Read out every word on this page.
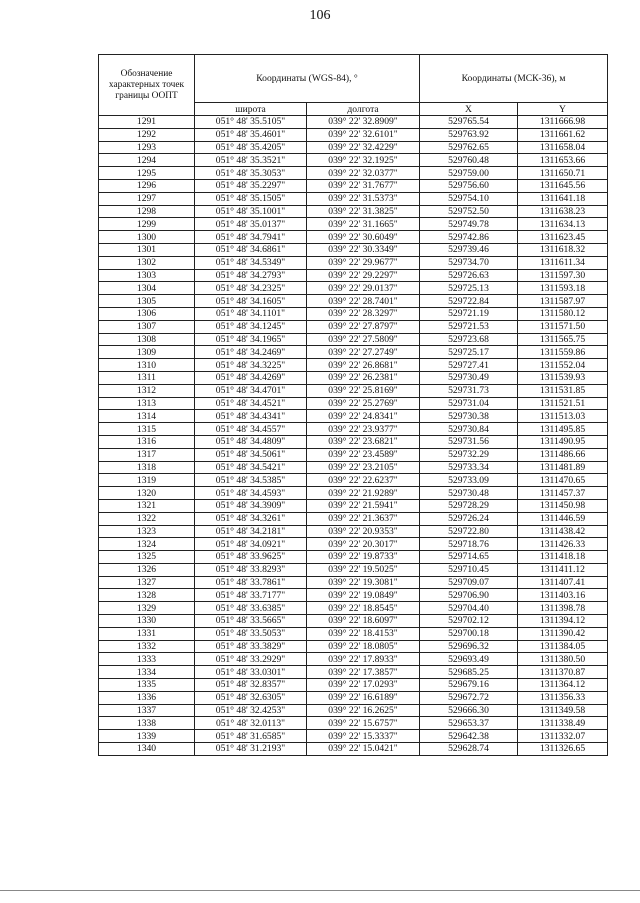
106
Обозначение характерных точек границы ООПТ	Координаты (WGS-84), °		Координаты (МСК-36), м	
	широта	долгота	X	Y
1291	051° 48' 35.5105"	039° 22' 32.8909"	529765.54	1311666.98
1292	051° 48' 35.4601"	039° 22' 32.6101"	529763.92	1311661.62
1293	051° 48' 35.4205"	039° 22' 32.4229"	529762.65	1311658.04
1294	051° 48' 35.3521"	039° 22' 32.1925"	529760.48	1311653.66
1295	051° 48' 35.3053"	039° 22' 32.0377"	529759.00	1311650.71
1296	051° 48' 35.2297"	039° 22' 31.7677"	529756.60	1311645.56
1297	051° 48' 35.1505"	039° 22' 31.5373"	529754.10	1311641.18
1298	051° 48' 35.1001"	039° 22' 31.3825"	529752.50	1311638.23
1299	051° 48' 35.0137"	039° 22' 31.1665"	529749.78	1311634.13
1300	051° 48' 34.7941"	039° 22' 30.6049"	529742.86	1311623.45
1301	051° 48' 34.6861"	039° 22' 30.3349"	529739.46	1311618.32
1302	051° 48' 34.5349"	039° 22' 29.9677"	529734.70	1311611.34
1303	051° 48' 34.2793"	039° 22' 29.2297"	529726.63	1311597.30
1304	051° 48' 34.2325"	039° 22' 29.0137"	529725.13	1311593.18
1305	051° 48' 34.1605"	039° 22' 28.7401"	529722.84	1311587.97
1306	051° 48' 34.1101"	039° 22' 28.3297"	529721.19	1311580.12
1307	051° 48' 34.1245"	039° 22' 27.8797"	529721.53	1311571.50
1308	051° 48' 34.1965"	039° 22' 27.5809"	529723.68	1311565.75
1309	051° 48' 34.2469"	039° 22' 27.2749"	529725.17	1311559.86
1310	051° 48' 34.3225"	039° 22' 26.8681"	529727.41	1311552.04
1311	051° 48' 34.4269"	039° 22' 26.2381"	529730.49	1311539.93
1312	051° 48' 34.4701"	039° 22' 25.8169"	529731.73	1311531.85
1313	051° 48' 34.4521"	039° 22' 25.2769"	529731.04	1311521.51
1314	051° 48' 34.4341"	039° 22' 24.8341"	529730.38	1311513.03
1315	051° 48' 34.4557"	039° 22' 23.9377"	529730.84	1311495.85
1316	051° 48' 34.4809"	039° 22' 23.6821"	529731.56	1311490.95
1317	051° 48' 34.5061"	039° 22' 23.4589"	529732.29	1311486.66
1318	051° 48' 34.5421"	039° 22' 23.2105"	529733.34	1311481.89
1319	051° 48' 34.5385"	039° 22' 22.6237"	529733.09	1311470.65
1320	051° 48' 34.4593"	039° 22' 21.9289"	529730.48	1311457.37
1321	051° 48' 34.3909"	039° 22' 21.5941"	529728.29	1311450.98
1322	051° 48' 34.3261"	039° 22' 21.3637"	529726.24	1311446.59
1323	051° 48' 34.2181"	039° 22' 20.9353"	529722.80	1311438.42
1324	051° 48' 34.0921"	039° 22' 20.3017"	529718.76	1311426.33
1325	051° 48' 33.9625"	039° 22' 19.8733"	529714.65	1311418.18
1326	051° 48' 33.8293"	039° 22' 19.5025"	529710.45	1311411.12
1327	051° 48' 33.7861"	039° 22' 19.3081"	529709.07	1311407.41
1328	051° 48' 33.7177"	039° 22' 19.0849"	529706.90	1311403.16
1329	051° 48' 33.6385"	039° 22' 18.8545"	529704.40	1311398.78
1330	051° 48' 33.5665"	039° 22' 18.6097"	529702.12	1311394.12
1331	051° 48' 33.5053"	039° 22' 18.4153"	529700.18	1311390.42
1332	051° 48' 33.3829"	039° 22' 18.0805"	529696.32	1311384.05
1333	051° 48' 33.2929"	039° 22' 17.8933"	529693.49	1311380.50
1334	051° 48' 33.0301"	039° 22' 17.3857"	529685.25	1311370.87
1335	051° 48' 32.8357"	039° 22' 17.0293"	529679.16	1311364.12
1336	051° 48' 32.6305"	039° 22' 16.6189"	529672.72	1311356.33
1337	051° 48' 32.4253"	039° 22' 16.2625"	529666.30	1311349.58
1338	051° 48' 32.0113"	039° 22' 15.6757"	529653.37	1311338.49
1339	051° 48' 31.6585"	039° 22' 15.3337"	529642.38	1311332.07
1340	051° 48' 31.2193"	039° 22' 15.0421"	529628.74	1311326.65
